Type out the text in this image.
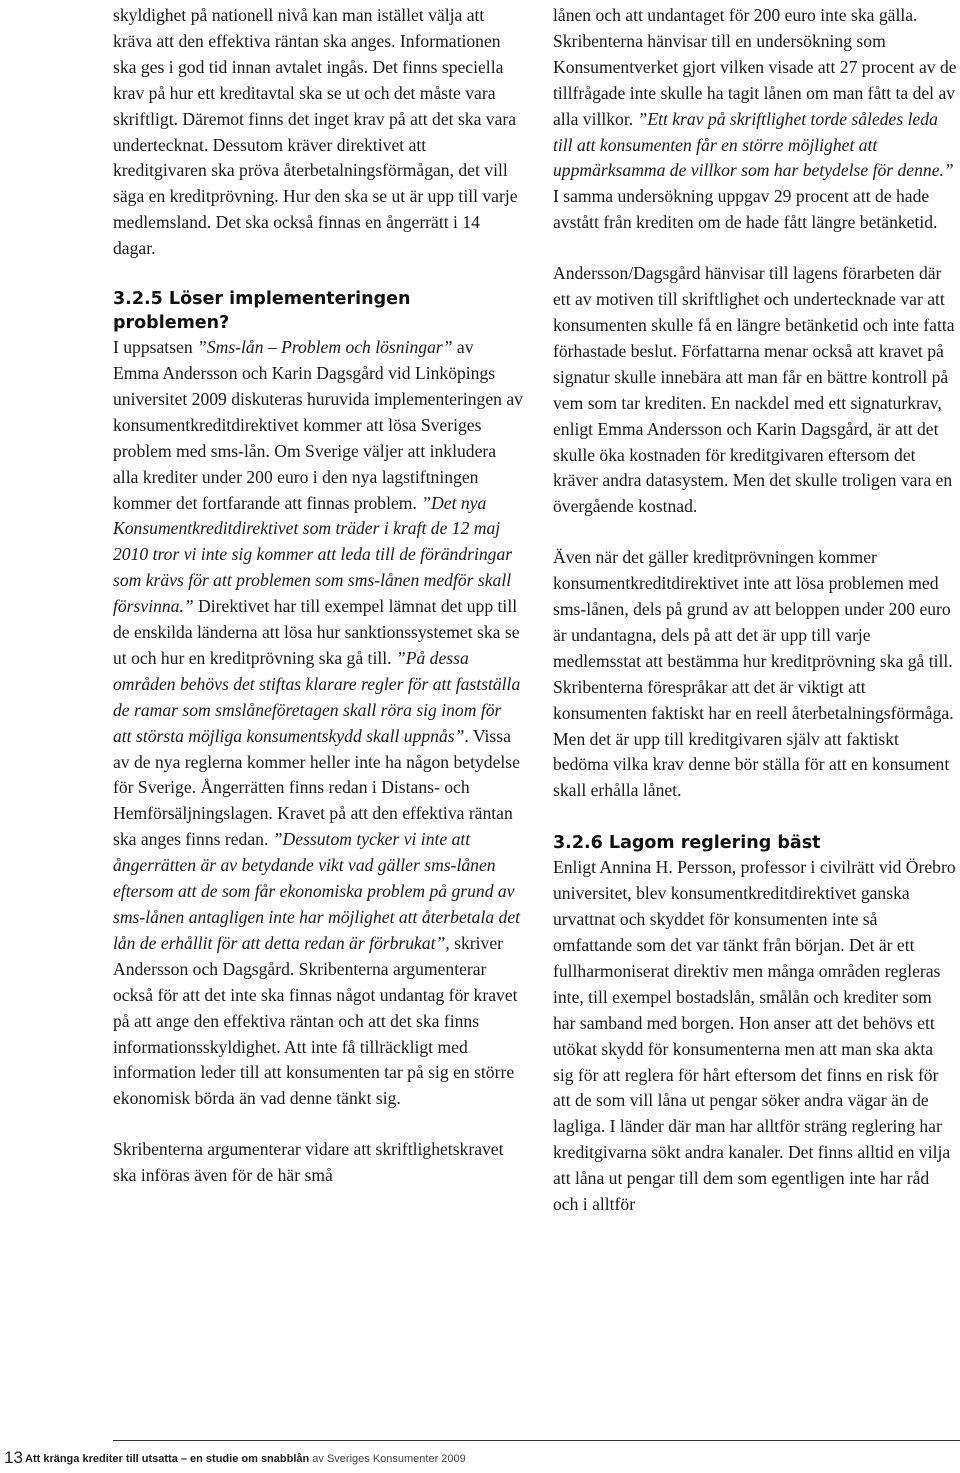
skyldighet på nationell nivå kan man istället välja att kräva att den effektiva räntan ska anges. Informationen ska ges i god tid innan avtalet ingås. Det finns speciella krav på hur ett kreditavtal ska se ut och det måste vara skriftligt. Däremot finns det inget krav på att det ska vara undertecknat. Dessutom kräver direktivet att kreditgivaren ska pröva återbetalningsförmågan, det vill säga en kreditprövning. Hur den ska se ut är upp till varje medlemsland. Det ska också finnas en ångerrätt i 14 dagar.

3.2.5 Löser implementeringen problemen?

I uppsatsen ”Sms-lån – Problem och lösningar” av Emma Andersson och Karin Dagsgård vid Linköpings universitet 2009 diskuteras huruvida implementeringen av konsumentkreditdirektivet kommer att lösa Sveriges problem med sms-lån. Om Sverige väljer att inkludera alla krediter under 200 euro i den nya lagstiftningen kommer det fortfarande att finnas problem. ”Det nya Konsumentkreditdirektivet som träder i kraft de 12 maj 2010 tror vi inte sig kommer att leda till de förändringar som krävs för att problemen som sms-lånen medför skall försvinna.” Direktivet har till exempel lämnat det upp till de enskilda länderna att lösa hur sanktionssystemet ska se ut och hur en kreditprövning ska gå till. ”På dessa områden behövs det stiftas klarare regler för att fastställa de ramar som smslåneföretagen skall röra sig inom för att största möjliga konsumentskydd skall uppnås”. Vissa av de nya reglerna kommer heller inte ha någon betydelse för Sverige. Ångerrätten finns redan i Distans- och Hemförsäljningslagen. Kravet på att den effektiva räntan ska anges finns redan. ”Dessutom tycker vi inte att ångerrätten är av betydande vikt vad gäller sms-lånen eftersom att de som får ekonomiska problem på grund av sms-lånen antagligen inte har möjlighet att återbetala det lån de erhållit för att detta redan är förbrukat”, skriver Andersson och Dagsgård. Skribenterna argumenterar också för att det inte ska finnas något undantag för kravet på att ange den effektiva räntan och att det ska finns informationsskyldighet. Att inte få tillräckligt med information leder till att konsumenten tar på sig en större ekonomisk börda än vad denne tänkt sig.

Skribenterna argumenterar vidare att skriftlighetskravet ska införas även för de här små

lånen och att undantaget för 200 euro inte ska gälla. Skribenterna hänvisar till en undersökning som Konsumentverket gjort vilken visade att 27 procent av de tillfrågade inte skulle ha tagit lånen om man fått ta del av alla villkor. ”Ett krav på skriftlighet torde således leda till att konsumenten får en större möjlighet att uppmärksamma de villkor som har betydelse för denne.” I samma undersökning uppgav 29 procent att de hade avstått från krediten om de hade fått längre betänketid.

Andersson/Dagsgård hänvisar till lagens förarbeten där ett av motiven till skriftlighet och undertecknade var att konsumenten skulle få en längre betänketid och inte fatta förhastade beslut. Författarna menar också att kravet på signatur skulle innebära att man får en bättre kontroll på vem som tar krediten. En nackdel med ett signaturkrav, enligt Emma Andersson och Karin Dagsgård, är att det skulle öka kostnaden för kreditgivaren eftersom det kräver andra datasystem. Men det skulle troligen vara en övergående kostnad.

Även när det gäller kreditprövningen kommer konsumentkreditdirektivet inte att lösa problemen med sms-lånen, dels på grund av att beloppen under 200 euro är undantagna, dels på att det är upp till varje medlemsstat att bestämma hur kreditprövning ska gå till. Skribenterna förespråkar att det är viktigt att konsumenten faktiskt har en reell återbetalningsförmåga. Men det är upp till kreditgivaren själv att faktiskt bedöma vilka krav denne bör ställa för att en konsument skall erhålla lånet.

3.2.6 Lagom reglering bäst

Enligt Annina H. Persson, professor i civilrätt vid Örebro universitet, blev konsumentkreditdirektivet ganska urvattnat och skyddet för konsumenten inte så omfattande som det var tänkt från början. Det är ett fullharmoniserat direktiv men många områden regleras inte, till exempel bostadslån, smålån och krediter som har samband med borgen. Hon anser att det behövs ett utökat skydd för konsumenterna men att man ska akta sig för att reglera för hårt eftersom det finns en risk för att de som vill låna ut pengar söker andra vägar än de lagliga. I länder där man har alltför sträng reglering har kreditgivarna sökt andra kanaler. Det finns alltid en vilja att låna ut pengar till dem som egentligen inte har råd och i alltför

13 Att kränga krediter till utsatta – en studie om snabblån av Sveriges Konsumenter 2009
